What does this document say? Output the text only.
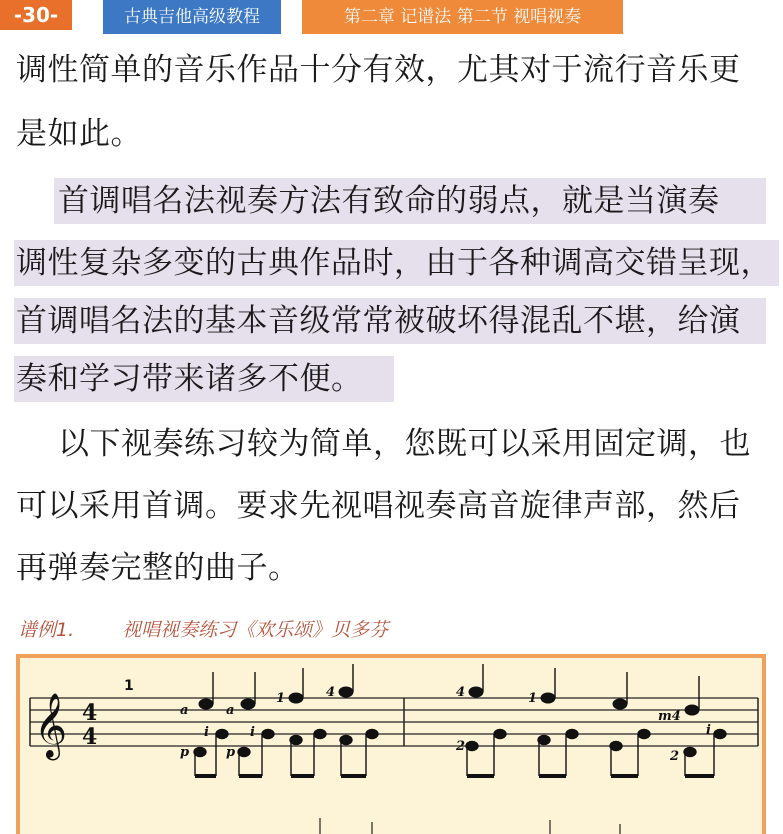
-30-	古典吉他高级教程	第二章 记谱法 第二节 视唱视奏
调性简单的音乐作品十分有效，尤其对于流行音乐更
是如此。
首调唱名法视奏方法有致命的弱点，就是当演奏
调性复杂多变的古典作品时，由于各种调高交错呈现，
首调唱名法的基本音级常常被破坏得混乱不堪，给演
奏和学习带来诸多不便。
以下视奏练习较为简单，您既可以采用固定调，也
可以采用首调。要求先视唱视奏高音旋律声部，然后
再弹奏完整的曲子。
谱例1.	视唱视奏练习《欢乐颂》贝多芬
𝄞 4
4
1
a	a
i	i
p	p
1	4	4	1
m4
i
2
2
